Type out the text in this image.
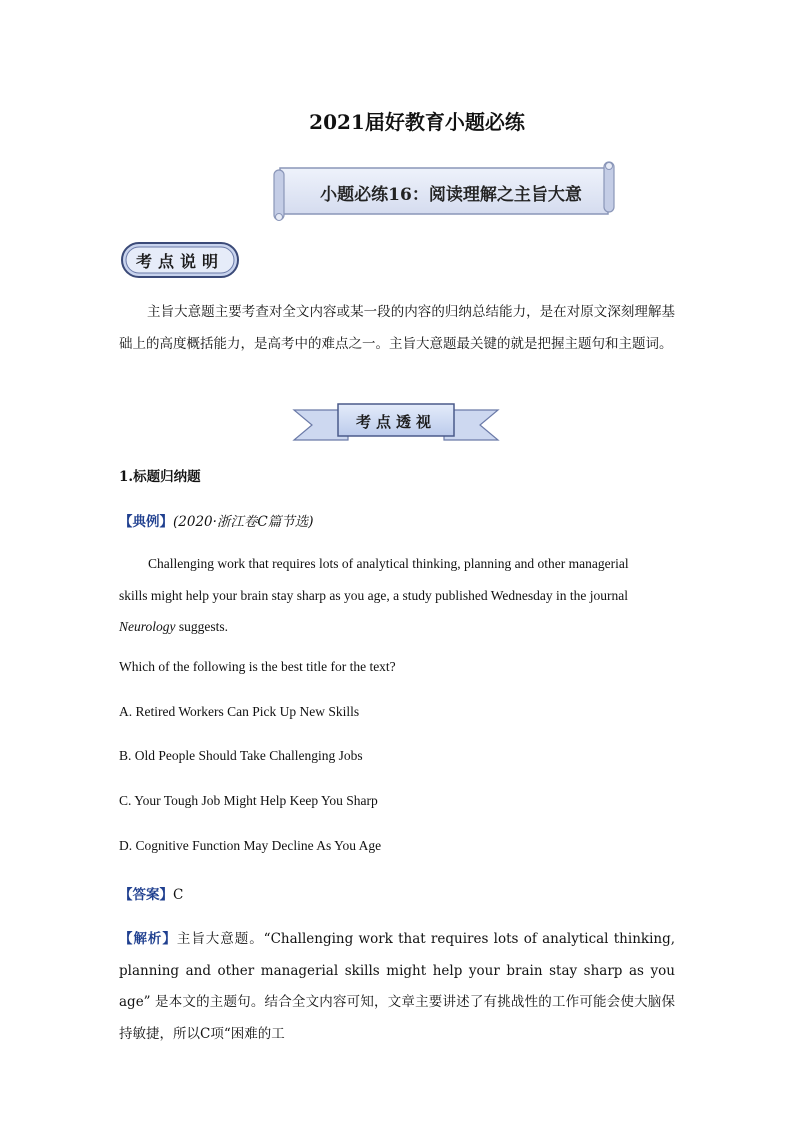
2021届好教育小题必练
小题必练16：阅读理解之主旨大意
考点说明
主旨大意题主要考查对全文内容或某一段的内容的归纳总结能力，是在对原文深刻理解基础上的高度概括能力，是高考中的难点之一。主旨大意题最关键的就是把握主题句和主题词。
考点透视
1.标题归纳题
【典例】(2020·浙江卷C篇节选)
Challenging work that requires lots of analytical thinking, planning and other managerial
skills might help your brain stay sharp as you age, a study published Wednesday in the journal
Neurology suggests.
Which of the following is the best title for the text?
A. Retired Workers Can Pick Up New Skills
B. Old People Should Take Challenging Jobs
C. Your Tough Job Might Help Keep You Sharp
D. Cognitive Function May Decline As You Age
【答案】C
【解析】主旨大意题。“Challenging work that requires lots of analytical thinking, planning and other managerial skills might help your brain stay sharp as you age” 是本文的主题句。结合全文内容可知，文章主要讲述了有挑战性的工作可能会使大脑保持敏捷，所以C项“困难的工
